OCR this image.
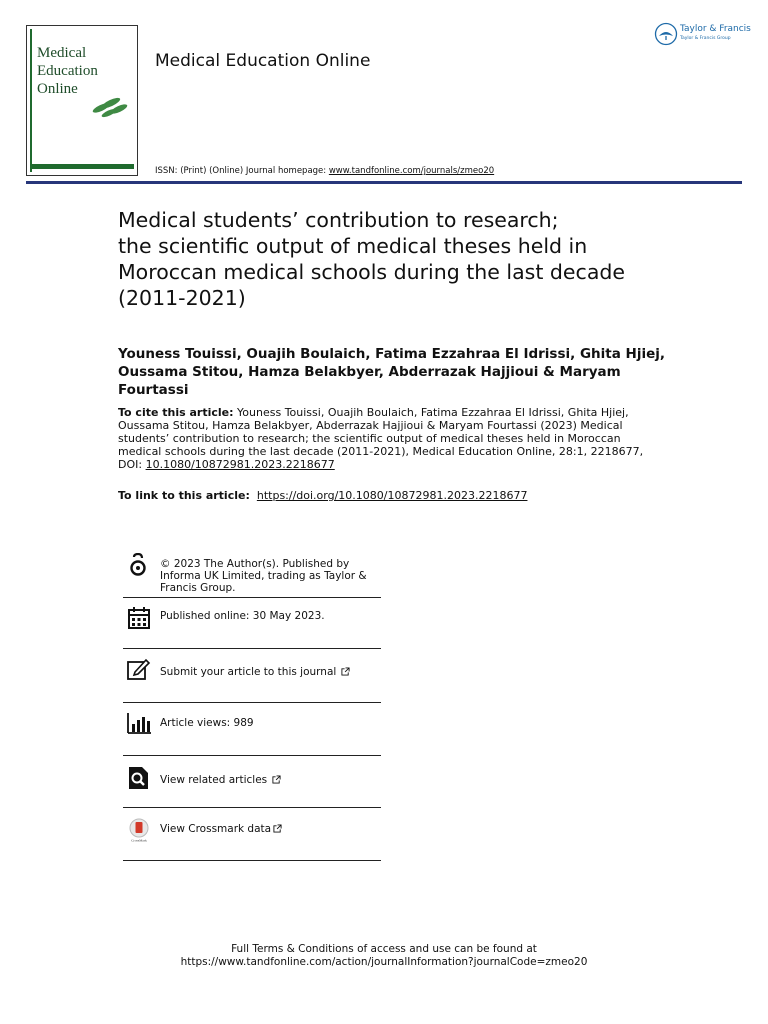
Medical
Education
Online
Medical Education Online
Taylor & Francis
Taylor & Francis Group
ISSN: (Print) (Online) Journal homepage: www.tandfonline.com/journals/zmeo20
Medical students’ contribution to research;
the scientific output of medical theses held in
Moroccan medical schools during the last decade
(2011-2021)
Youness Touissi, Ouajih Boulaich, Fatima Ezzahraa El Idrissi, Ghita Hjiej,
Oussama Stitou, Hamza Belakbyer, Abderrazak Hajjioui & Maryam Fourtassi
To cite this article: Youness Touissi, Ouajih Boulaich, Fatima Ezzahraa El Idrissi, Ghita Hjiej, Oussama Stitou, Hamza Belakbyer, Abderrazak Hajjioui & Maryam Fourtassi (2023) Medical students’ contribution to research; the scientific output of medical theses held in Moroccan medical schools during the last decade (2011-2021), Medical Education Online, 28:1, 2218677, DOI: 10.1080/10872981.2023.2218677
To link to this article: https://doi.org/10.1080/10872981.2023.2218677
© 2023 The Author(s). Published by Informa UK Limited, trading as Taylor & Francis Group.
Published online: 30 May 2023.
Submit your article to this journal
Article views: 989
View related articles
CrossMark
View Crossmark data
Full Terms & Conditions of access and use can be found at
https://www.tandfonline.com/action/journalInformation?journalCode=zmeo20
